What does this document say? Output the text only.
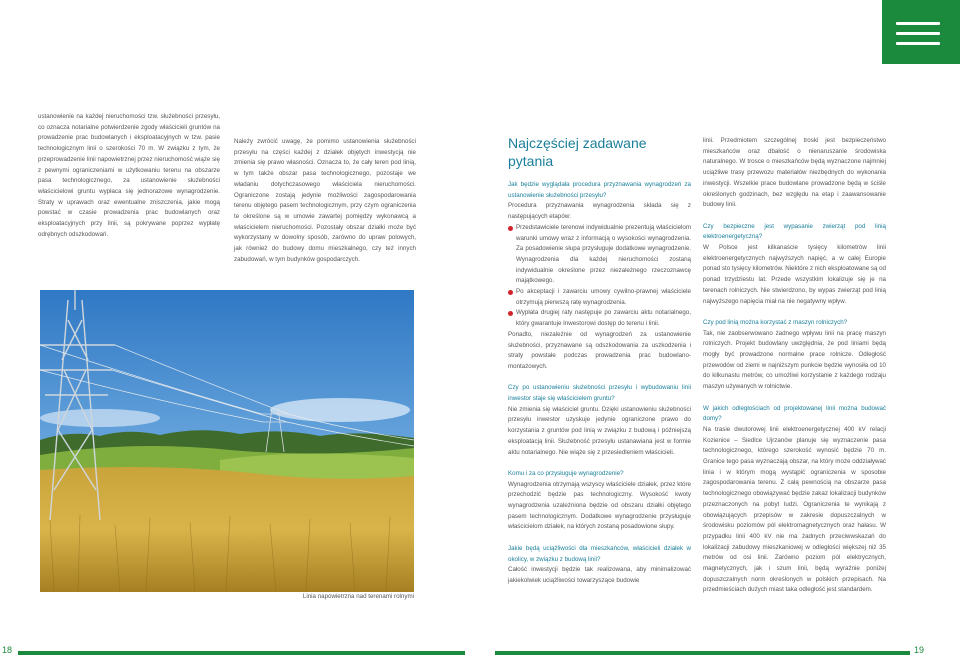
ustanowienie na każdej nieruchomości tzw. służebności przesyłu, co oznacza notarialne potwierdzenie zgody właścicieli gruntów na prowadzenie prac budowlanych i eksploatacyjnych w tzw. pasie technologicznym linii o szerokości 70 m. W związku z tym, że przeprowadzenie linii napowietrznej przez nieruchomość wiąże się z pewnymi ograniczeniami w użytkowaniu terenu na obszarze pasa technologicznego, za ustanowienie służebności właścicielowi gruntu wypłaca się jednorazowe wynagrodzenie. Straty w uprawach oraz ewentualne zniszczenia, jakie mogą powstać w czasie prowadzenia prac budowlanych oraz eksploatacyjnych przy linii, są pokrywane poprzez wypłatę odrębnych odszkodowań.

Należy zwrócić uwagę, że pomimo ustanowienia służebności przesyłu na części każdej z działek objętych inwestycją nie zmienia się prawo własności. Oznacza to, że cały teren pod linią, w tym także obszar pasa technologicznego, pozostaje we władaniu dotychczasowego właściciela nieruchomości. Ograniczone zostają jedynie możliwości zagospodarowania terenu objętego pasem technologicznym, przy czym ograniczenia te określone są w umowie zawartej pomiędzy wykonawcą a właścicielem nieruchomości. Pozostały obszar działki może być wykorzystany w dowolny sposób, zarówno do upraw polowych, jak również do budowy domu mieszkalnego, czy też innych zabudowań, w tym budynków gospodarczych.

Linia napowietrzna nad terenami rolnymi
Najczęściej zadawane pytania
Jak będzie wyglądała procedura przyznawania wynagrodzeń za ustanowienie służebności przesyłu?
Procedura przyznawania wynagrodzenia składa się z następujących etapów:
Przedstawiciele terenowi indywidualnie prezentują właścicielom warunki umowy wraz z informacją o wysokości wynagrodzenia. Za posadowienie słupa przysługuje dodatkowe wynagrodzenie. Wynagrodzenia dla każdej nieruchomości zostaną indywidualnie określone przez niezależnego rzeczoznawcę majątkowego.
Po akceptacji i zawarciu umowy cywilno-prawnej właściciele otrzymują pierwszą ratę wynagrodzenia.
Wypłata drugiej raty następuje po zawarciu aktu notarialnego, który gwarantuje Inwestorowi dostęp do terenu i linii.

Ponadto, niezależnie od wynagrodzeń za ustanowienie służebności, przyznawane są odszkodowania za uszkodzenia i straty powstałe podczas prowadzenia prac budowlano-montażowych.

Czy po ustanowieniu służebności przesyłu i wybudowaniu linii inwestor staje się właścicielem gruntu?

Nie zmienia się właściciel gruntu. Dzięki ustanowieniu służebności przesyłu inwestor uzyskuje jedynie ograniczone prawo do korzystania z gruntów pod linią w związku z budową i późniejszą eksploatacją linii. Służebność przesyłu ustanawiana jest w formie aktu notarialnego. Nie wiąże się z przesiedleniem właścicieli.

Komu i za co przysługuje wynagrodzenie?

Wynagrodzenia otrzymają wszyscy właściciele działek, przez które przechodzić będzie pas technologiczny. Wysokość kwoty wynagrodzenia uzależniona będzie od obszaru działki objętego pasem technologicznym. Dodatkowe wynagrodzenie przysługuje właścicielom działek, na których zostaną posadowione słupy.

Jakie będą uciążliwości dla mieszkańców, właścicieli działek w okolicy, w związku z budową linii?

Całość inwestycji będzie tak realizowana, aby minimalizować jakiekolwiek uciążliwości towarzyszące budowie

linii. Przedmiotem szczególnej troski jest bezpieczeństwo mieszkańców oraz dbałość o nienaruszanie środowiska naturalnego. W trosce o mieszkańców będą wyznaczone najmniej uciążliwe trasy przewozu materiałów niezbędnych do wykonania inwestycji. Wszelkie prace budowlane prowadzone będą w ściśle określonych godzinach, bez względu na etap i zaawansowanie budowy linii.

Czy bezpieczne jest wypasanie zwierząt pod linią elektroenergetyczną?

W Polsce jest kilkanaście tysięcy kilometrów linii elektroenergetycznych najwyższych napięć, a w całej Europie ponad sto tysięcy kilometrów. Niektóre z nich eksploatowane są od ponad trzydziestu lat. Przede wszystkim lokalizuje się je na terenach rolniczych. Nie stwierdzono, by wypas zwierząt pod linią najwyższego napięcia miał na nie negatywny wpływ.

Czy pod linią można korzystać z maszyn rolniczych?

Tak, nie zaobserwowano żadnego wpływu linii na pracę maszyn rolniczych. Projekt budowlany uwzględnia, że pod liniami będą mogły być prowadzone normalne prace rolnicze. Odległość przewodów od ziemi w najniższym punkcie będzie wynosiła od 10 do kilkunastu metrów, co umożliwi korzystanie z każdego rodzaju maszyn używanych w rolnictwie.

W jakich odległościach od projektowanej linii można budować domy?

Na trasie dwutorowej linii elektroenergetycznej 400 kV relacji Kozienice – Siedlce Ujrzanów planuje się wyznaczenie pasa technologicznego, którego szerokość wynosić będzie 70 m. Granice tego pasa wyznaczają obszar, na który może oddziaływać linia i w którym mogą wystąpić ograniczenia w sposobie zagospodarowania terenu. Z całą pewnością na obszarze pasa technologicznego obowiązywać będzie zakaz lokalizacji budynków przeznaczonych na pobyt ludzi. Ograniczenia te wynikają z obowiązujących przepisów w zakresie dopuszczalnych w środowisku poziomów pól elektromagnetycznych oraz hałasu. W przypadku linii 400 kV nie ma żadnych przeciwwskazań do lokalizacji zabudowy mieszkaniowej w odległości większej niż 35 metrów od osi linii. Zarówno poziom pól elektrycznych, magnetycznych, jak i szum linii, będą wyraźnie poniżej dopuszczalnych norm określonych w polskich przepisach. Na przedmieściach dużych miast taka odległość jest standardem.

18	19
